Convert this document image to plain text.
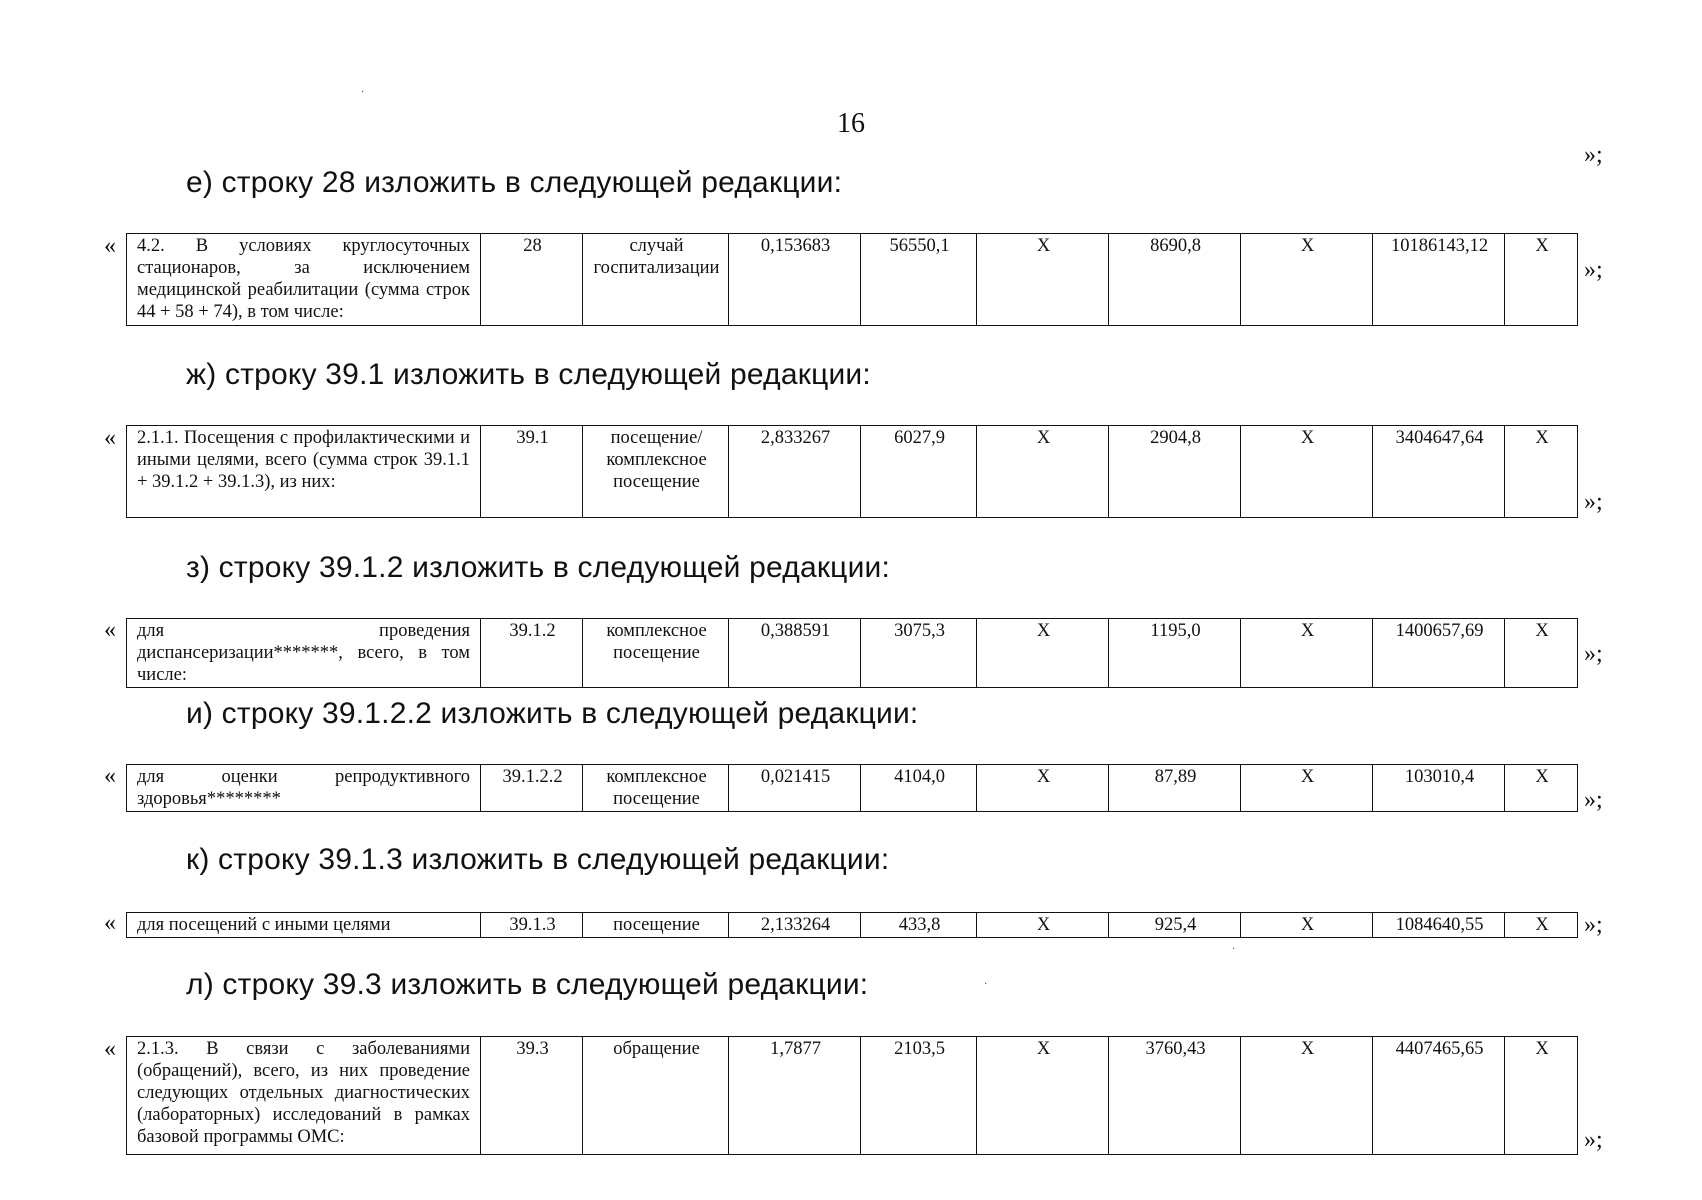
·
·
·
16
»;
е) строку 28 изложить в следующей редакции:
« 4.2. В условиях круглосуточных стационаров, за исключением медицинской реабилитации (сумма строк 44 + 58 + 74), в том числе:	28	случай госпитализации	0,153683	56550,1	Х	8690,8	Х	10186143,12	Х
»;
ж) строку 39.1 изложить в следующей редакции:
« 2.1.1. Посещения с профилактическими и иными целями, всего (сумма строк 39.1.1 + 39.1.2 + 39.1.3), из них:	39.1	посещение/ комплексное посещение	2,833267	6027,9	Х	2904,8	Х	3404647,64	Х
»;
з) строку 39.1.2 изложить в следующей редакции:
« для проведения диспансеризации*******, всего, в том числе:	39.1.2	комплексное посещение	0,388591	3075,3	Х	1195,0	Х	1400657,69	Х
»;
и) строку 39.1.2.2 изложить в следующей редакции:
« для оценки репродуктивного здоровья********	39.1.2.2	комплексное посещение	0,021415	4104,0	Х	87,89	Х	103010,4	Х
»;
к) строку 39.1.3 изложить в следующей редакции:
« для посещений с иными целями	39.1.3	посещение	2,133264	433,8	Х	925,4	Х	1084640,55	Х »;
л) строку 39.3 изложить в следующей редакции:
« 2.1.3. В связи с заболеваниями (обращений), всего, из них проведение следующих отдельных диагностических (лабораторных) исследований в рамках базовой программы ОМС:	39.3	обращение	1,7877	2103,5	Х	3760,43	Х	4407465,65	Х
»;
